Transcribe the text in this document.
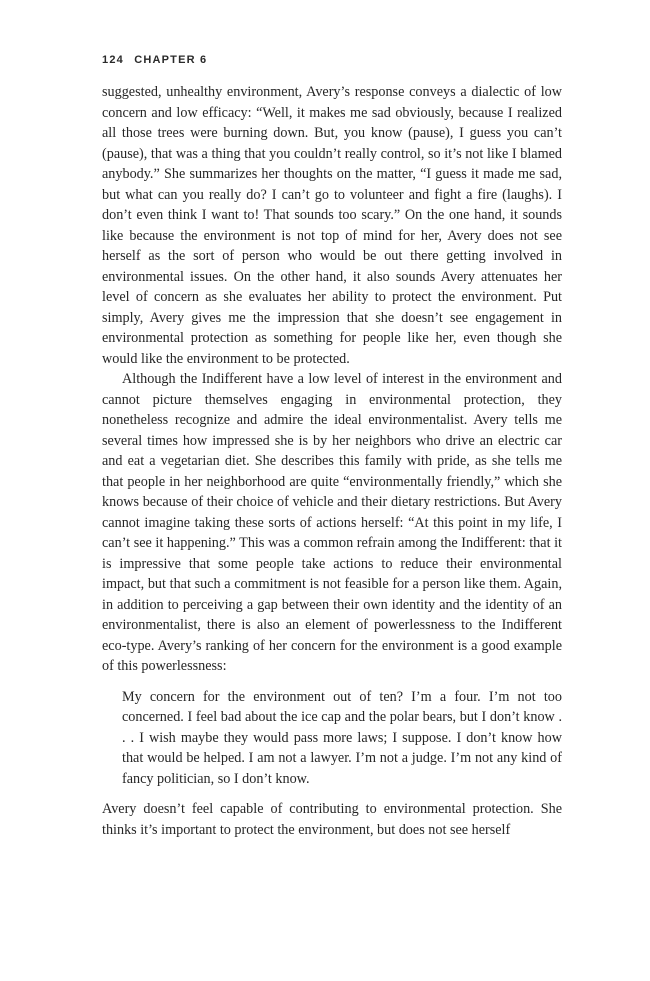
124 CHAPTER 6

suggested, unhealthy environment, Avery’s response conveys a dialectic of low concern and low efficacy: “Well, it makes me sad obviously, because I realized all those trees were burning down. But, you know (pause), I guess you can’t (pause), that was a thing that you couldn’t really control, so it’s not like I blamed anybody.” She summarizes her thoughts on the matter, “I guess it made me sad, but what can you really do? I can’t go to volunteer and fight a fire (laughs). I don’t even think I want to! That sounds too scary.” On the one hand, it sounds like because the environment is not top of mind for her, Avery does not see herself as the sort of person who would be out there getting involved in environmental issues. On the other hand, it also sounds Avery attenuates her level of concern as she evaluates her ability to protect the environment. Put simply, Avery gives me the impression that she doesn’t see engagement in environmental protection as something for people like her, even though she would like the environment to be protected.

Although the Indifferent have a low level of interest in the environment and cannot picture themselves engaging in environmental protection, they nonetheless recognize and admire the ideal environmentalist. Avery tells me several times how impressed she is by her neighbors who drive an electric car and eat a vegetarian diet. She describes this family with pride, as she tells me that people in her neighborhood are quite “environmentally friendly,” which she knows because of their choice of vehicle and their dietary restrictions. But Avery cannot imagine taking these sorts of actions herself: “At this point in my life, I can’t see it happening.” This was a common refrain among the Indifferent: that it is impressive that some people take actions to reduce their environmental impact, but that such a commitment is not feasible for a person like them. Again, in addition to perceiving a gap between their own identity and the identity of an environmentalist, there is also an element of powerlessness to the Indifferent eco-type. Avery’s ranking of her concern for the environment is a good example of this powerlessness:

My concern for the environment out of ten? I’m a four. I’m not too concerned. I feel bad about the ice cap and the polar bears, but I don’t know . . . I wish maybe they would pass more laws; I suppose. I don’t know how that would be helped. I am not a lawyer. I’m not a judge. I’m not any kind of fancy politician, so I don’t know.

Avery doesn’t feel capable of contributing to environmental protection. She thinks it’s important to protect the environment, but does not see herself
